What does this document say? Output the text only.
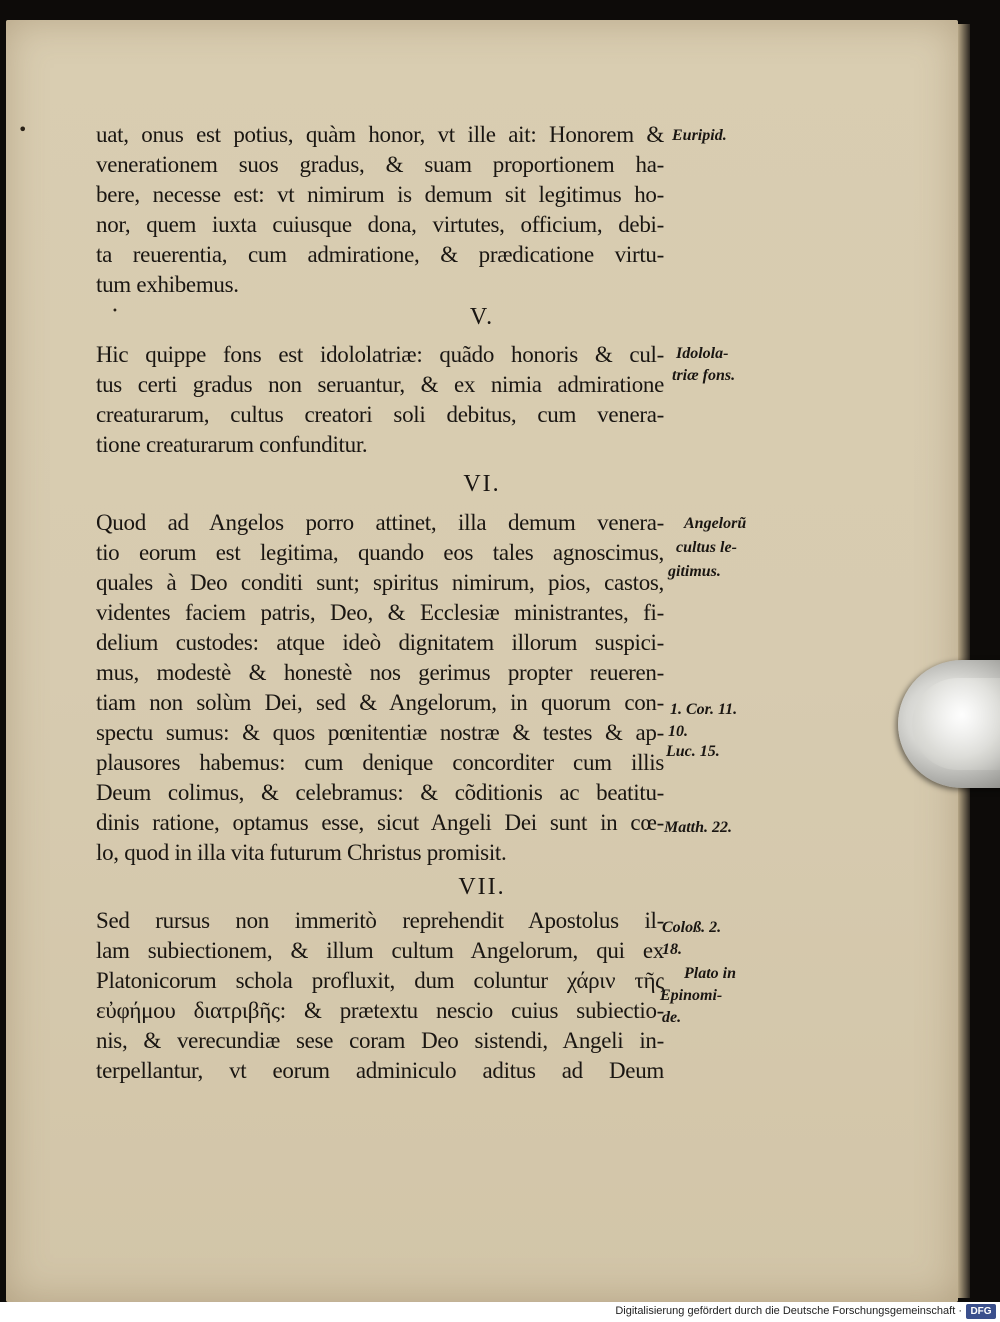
•
•
uat, onus est potius, quàm honor, vt ille ait: Honorem &
venerationem suos gradus, & suam proportionem ha-
bere, necesse est: vt nimirum is demum sit legitimus ho-
nor, quem iuxta cuiusque dona, virtutes, officium, debi-
ta reuerentia, cum admiratione, & prædicatione virtu-
tum exhibemus.
V.
Hic quippe fons est idololatriæ: quãdo honoris & cul-
tus certi gradus non seruantur, & ex nimia admiratione
creaturarum, cultus creatori soli debitus, cum venera-
tione creaturarum confunditur.
VI.
Quod ad Angelos porro attinet, illa demum venera-
tio eorum est legitima, quando eos tales agnoscimus,
quales à Deo conditi sunt; spiritus nimirum, pios, castos,
videntes faciem patris, Deo, & Ecclesiæ ministrantes, fi-
delium custodes: atque ideò dignitatem illorum suspici-
mus, modestè & honestè nos gerimus propter reueren-
tiam non solùm Dei, sed & Angelorum, in quorum con-
spectu sumus: & quos pœnitentiæ nostræ & testes & ap-
plausores habemus: cum denique concorditer cum illis
Deum colimus, & celebramus: & cõditionis ac beatitu-
dinis ratione, optamus esse, sicut Angeli Dei sunt in cœ-
lo, quod in illa vita futurum Christus promisit.
VII.
Sed rursus non immeritò reprehendit Apostolus il-
lam subiectionem, & illum cultum Angelorum, qui ex
Platonicorum schola profluxit, dum coluntur χάριν τῆς
εὐφήμου διατριβῆς: & prætextu nescio cuius subiectio-
nis, & verecundiæ sese coram Deo sistendi, Angeli in-
terpellantur, vt eorum adminiculo aditus ad Deum
Euripid.
Idolola-
triæ fons.
Angelorũ
cultus le-
gitimus.
1. Cor. 11.
10.
Luc. 15.
Matth. 22.
Coloß. 2.
18.
Plato in
Epinomi-
de.
Digitalisierung gefördert durch die Deutsche Forschungsgemeinschaft · DFG
